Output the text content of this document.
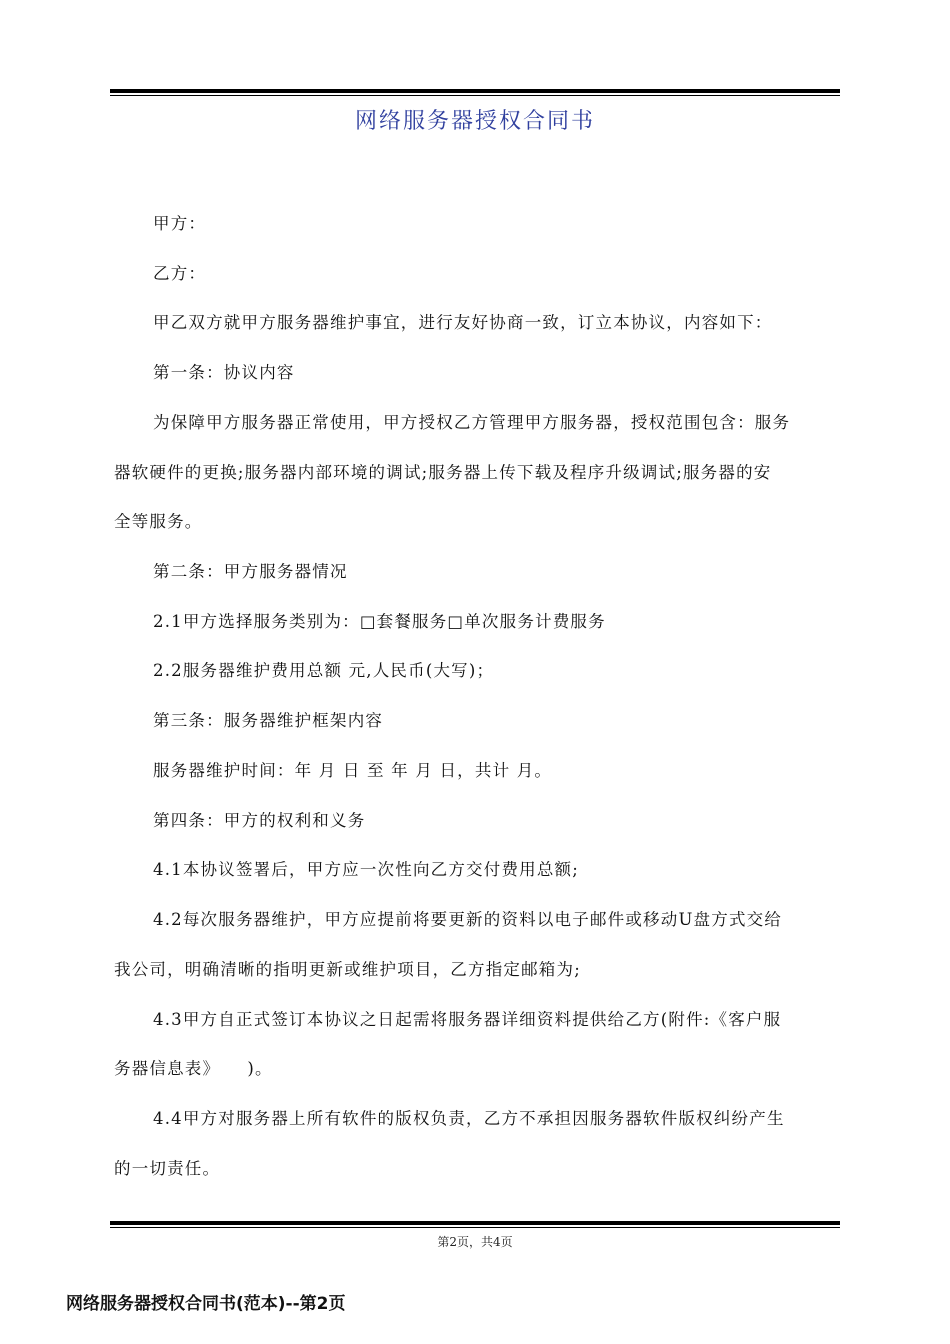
网络服务器授权合同书
甲方：
乙方：
甲乙双方就甲方服务器维护事宜，进行友好协商一致，订立本协议，内容如下：
第一条：协议内容
为保障甲方服务器正常使用，甲方授权乙方管理甲方服务器，授权范围包含：服务
器软硬件的更换;服务器内部环境的调试;服务器上传下载及程序升级调试;服务器的安
全等服务。
第二条：甲方服务器情况
2.1甲方选择服务类别为：□套餐服务□单次服务计费服务
2.2服务器维护费用总额 元,人民币(大写)；
第三条：服务器维护框架内容
服务器维护时间：年 月 日 至 年 月 日，共计 月。
第四条：甲方的权利和义务
4.1本协议签署后，甲方应一次性向乙方交付费用总额;
4.2每次服务器维护，甲方应提前将要更新的资料以电子邮件或移动U盘方式交给
我公司，明确清晰的指明更新或维护项目，乙方指定邮箱为;
4.3甲方自正式签订本协议之日起需将服务器详细资料提供给乙方(附件:《客户服
务器信息表》　　)。
4.4甲方对服务器上所有软件的版权负责，乙方不承担因服务器软件版权纠纷产生
的一切责任。
第2页，共4页
网络服务器授权合同书(范本)--第2页
